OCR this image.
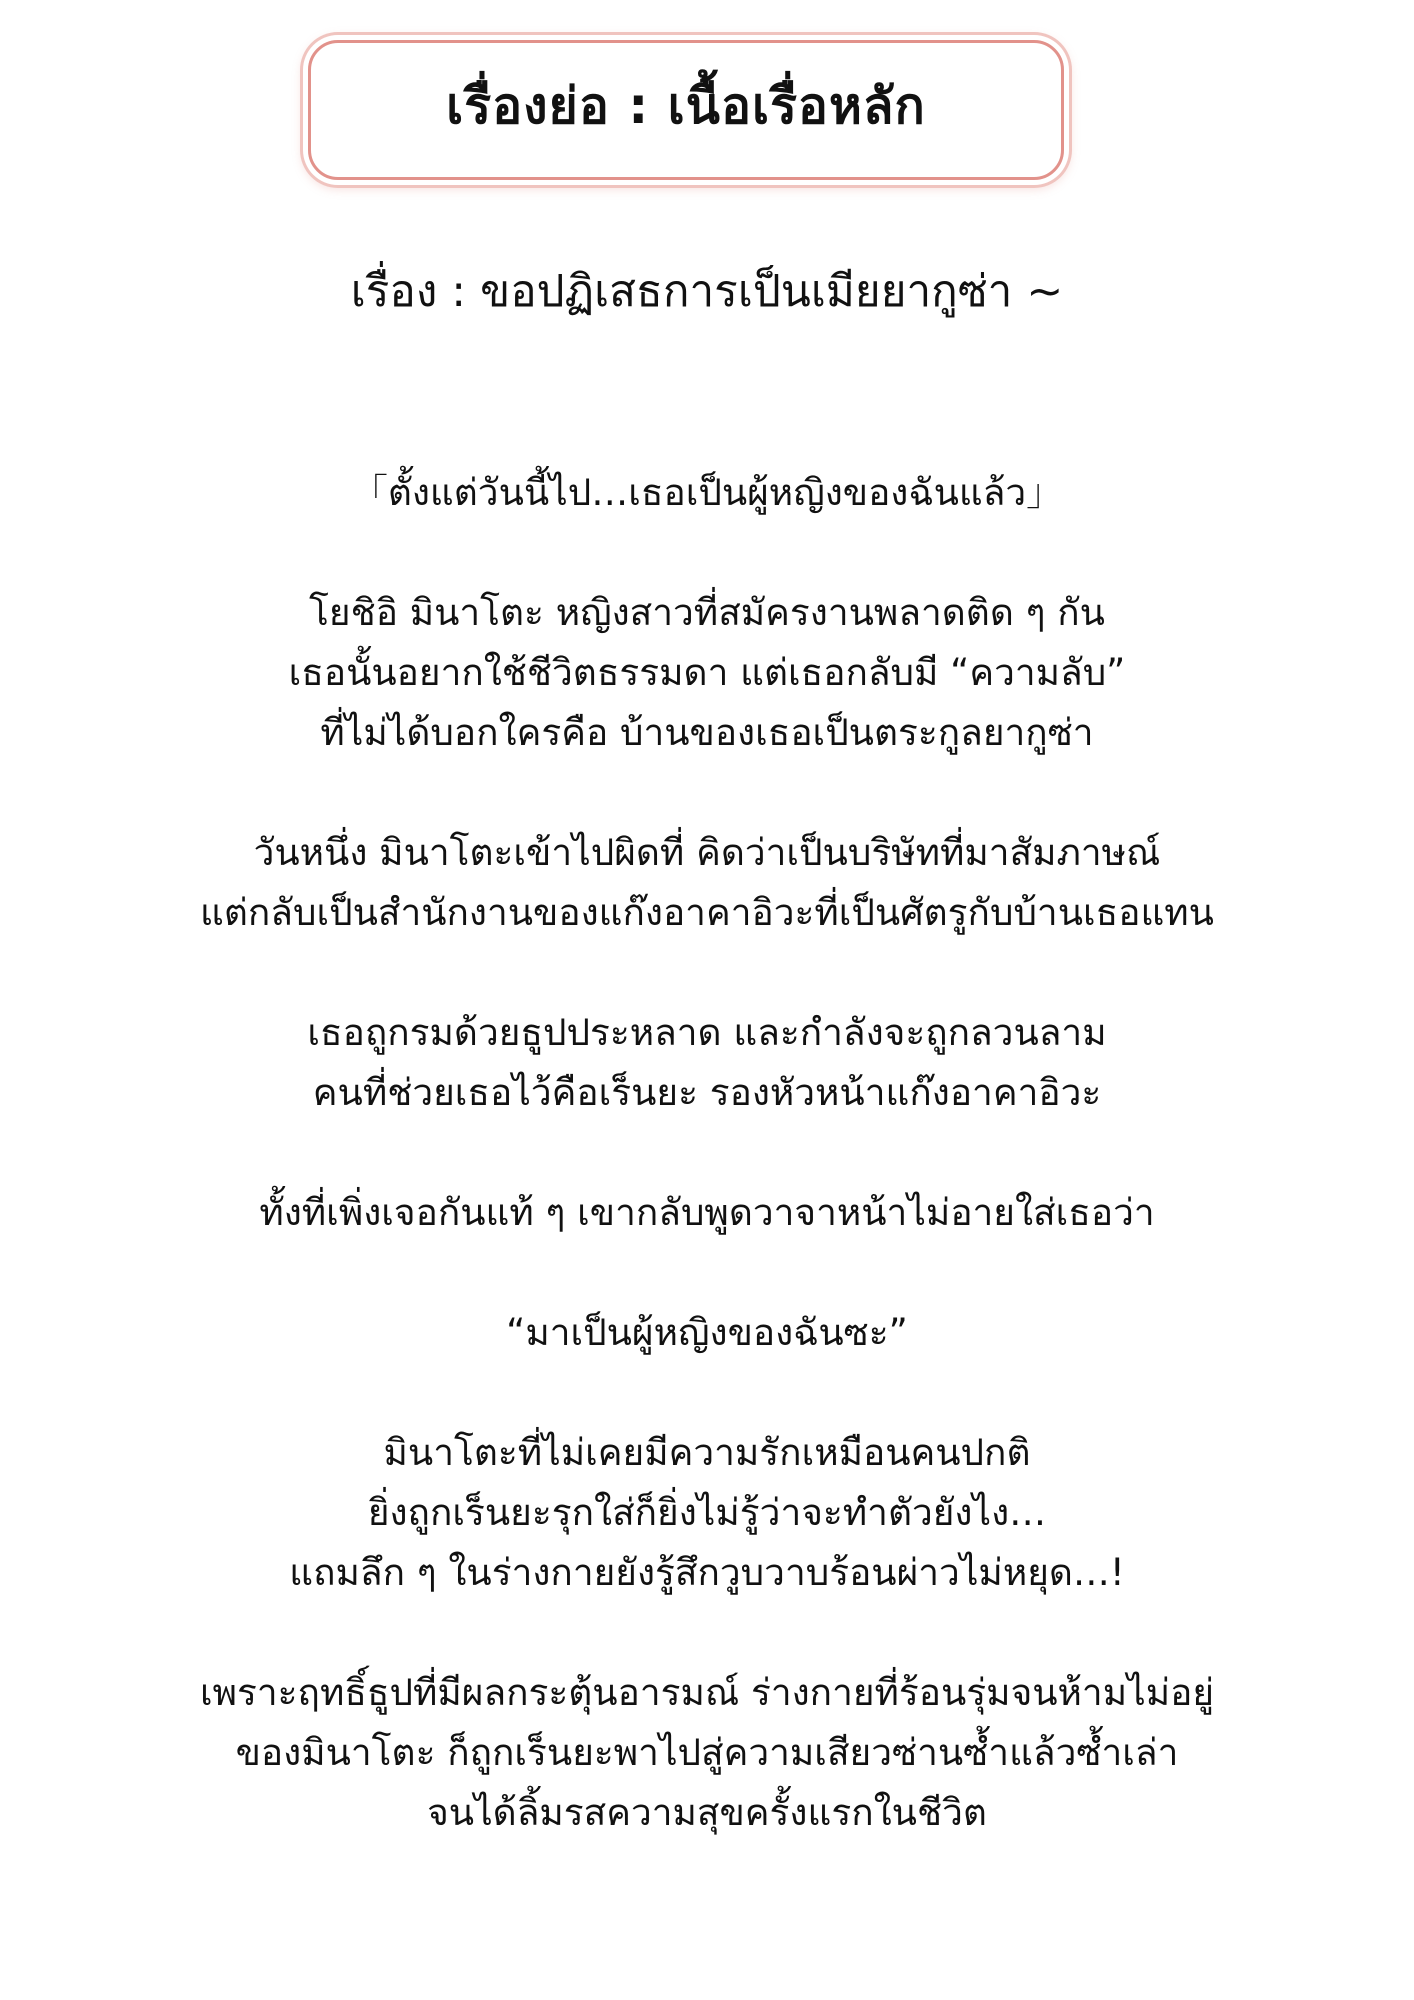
เรื่องย่อ : เนื้อเรื่อหลัก
เรื่อง : ขอปฏิเสธการเป็นเมียยากูซ่า ~
「ตั้งแต่วันนี้ไป…เธอเป็นผู้หญิงของฉันแล้ว」
โยชิอิ มินาโตะ หญิงสาวที่สมัครงานพลาดติด ๆ กัน
เธอนั้นอยากใช้ชีวิตธรรมดา แต่เธอกลับมี “ความลับ”
ที่ไม่ได้บอกใครคือ บ้านของเธอเป็นตระกูลยากูซ่า
วันหนึ่ง มินาโตะเข้าไปผิดที่ คิดว่าเป็นบริษัทที่มาสัมภาษณ์
แต่กลับเป็นสำนักงานของแก๊งอาคาอิวะที่เป็นศัตรูกับบ้านเธอแทน
เธอถูกรมด้วยธูปประหลาด และกำลังจะถูกลวนลาม
คนที่ช่วยเธอไว้คือเร็นยะ รองหัวหน้าแก๊งอาคาอิวะ
ทั้งที่เพิ่งเจอกันแท้ ๆ เขากลับพูดวาจาหน้าไม่อายใส่เธอว่า
“มาเป็นผู้หญิงของฉันซะ”
มินาโตะที่ไม่เคยมีความรักเหมือนคนปกติ
ยิ่งถูกเร็นยะรุกใส่ก็ยิ่งไม่รู้ว่าจะทำตัวยังไง…
แถมลึก ๆ ในร่างกายยังรู้สึกวูบวาบร้อนผ่าวไม่หยุด…!
เพราะฤทธิ์ธูปที่มีผลกระตุ้นอารมณ์ ร่างกายที่ร้อนรุ่มจนห้ามไม่อยู่
ของมินาโตะ ก็ถูกเร็นยะพาไปสู่ความเสียวซ่านซ้ำแล้วซ้ำเล่า
จนได้ลิ้มรสความสุขครั้งแรกในชีวิต
